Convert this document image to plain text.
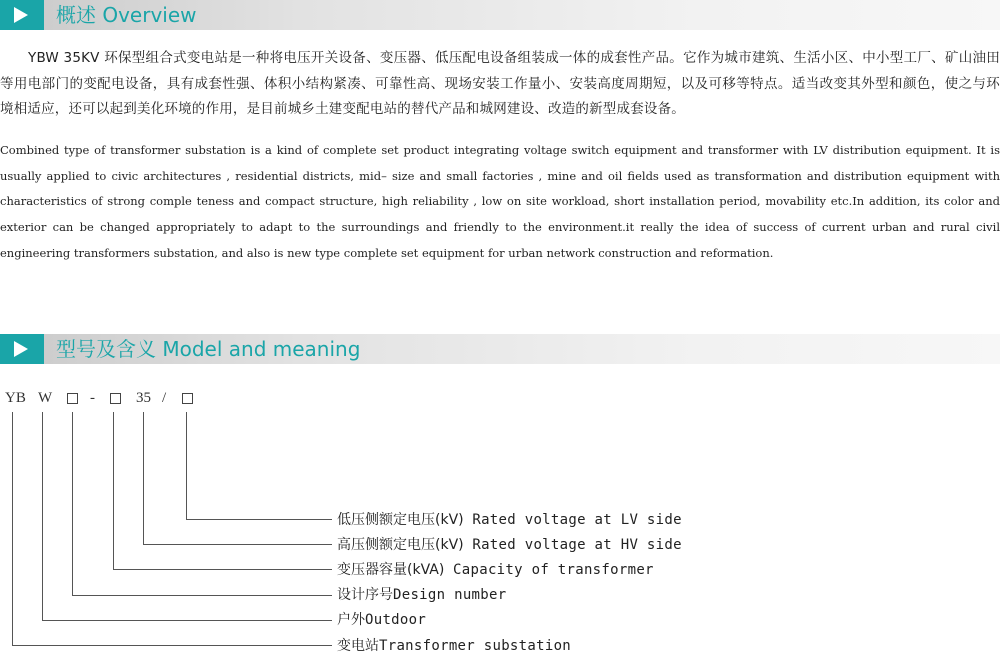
概述 Overview
YBW 35KV 环保型组合式变电站是一种将电压开关设备、变压器、低压配电设备组装成一体的成套性产品。它作为城市建筑、生活小区、中小型工厂、矿山油田等用电部门的变配电设备，具有成套性强、体积小结构紧凑、可靠性高、现场安装工作量小、安装高度周期短，以及可移等特点。适当改变其外型和颜色，使之与环境相适应，还可以起到美化环境的作用，是目前城乡土建变配电站的替代产品和城网建设、改造的新型成套设备。
Combined type of transformer substation is a kind of complete set product integrating voltage switch equipment and transformer with LV distribution equipment. It is usually applied to civic architectures , residential districts, mid– size and small factories , mine and oil fields used as transformation and distribution equipment with characteristics of strong comple teness and compact structure, high reliability , low on site workload, short installation period, movability etc.In addition, its color and exterior can be changed appropriately to adapt to the surroundings and friendly to the environment.it really the idea of success of current urban and rural civil engineering transformers substation, and also is new type complete set equipment for urban network construction and reformation.
型号及含义 Model and meaning
YB W	-	35 /
低压侧额定电压(kV) Rated voltage at LV side
高压侧额定电压(kV) Rated voltage at HV side
变压器容量(kVA) Capacity of transformer
设计序号Design number
户外Outdoor
变电站Transformer substation
